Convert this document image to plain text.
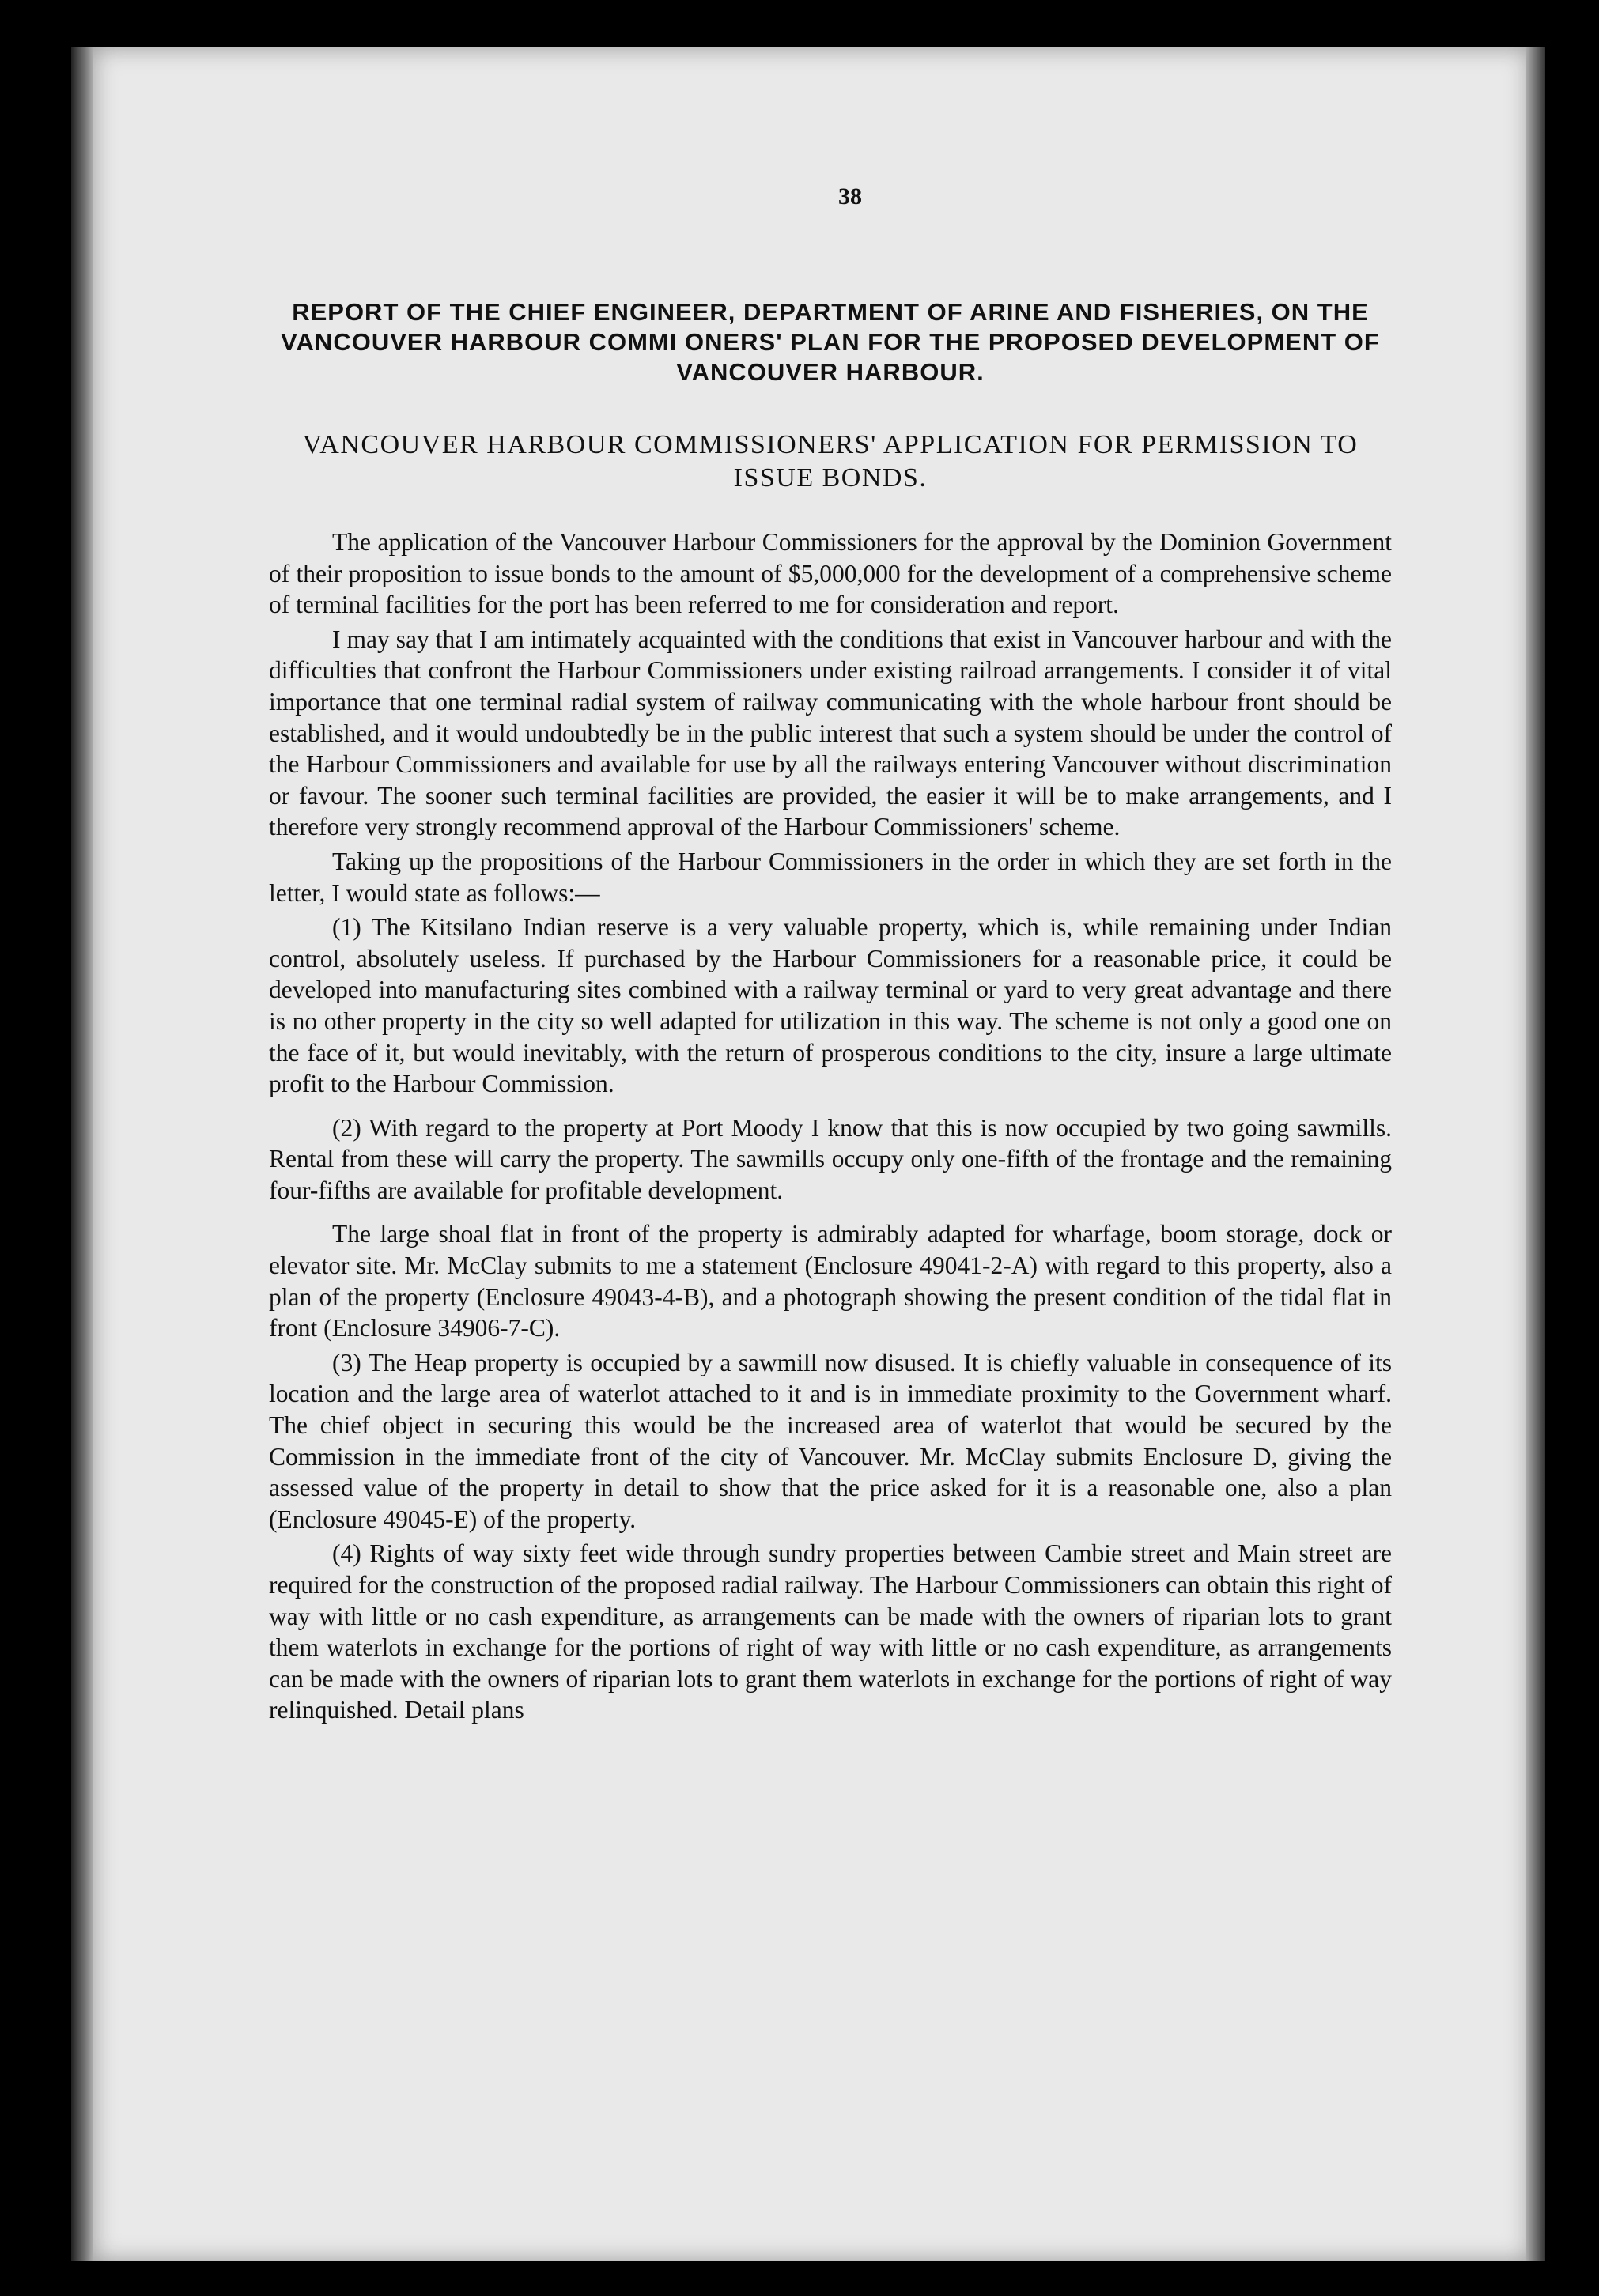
38
REPORT OF THE CHIEF ENGINEER, DEPARTMENT OF ARINE AND FISHERIES, ON THE VANCOUVER HARBOUR COMMI ONERS' PLAN FOR THE PROPOSED DEVELOPMENT OF VANCOUVER HARBOUR.
VANCOUVER HARBOUR COMMISSIONERS' APPLICATION FOR PERMISSION TO ISSUE BONDS.

The application of the Vancouver Harbour Commissioners for the approval by the Dominion Government of their proposition to issue bonds to the amount of $5,000,000 for the development of a comprehensive scheme of terminal facilities for the port has been referred to me for consideration and report.

I may say that I am intimately acquainted with the conditions that exist in Vancouver harbour and with the difficulties that confront the Harbour Commissioners under existing railroad arrangements. I consider it of vital importance that one terminal radial system of railway communicating with the whole harbour front should be established, and it would undoubtedly be in the public interest that such a system should be under the control of the Harbour Commissioners and available for use by all the railways entering Vancouver without discrimination or favour. The sooner such terminal facilities are provided, the easier it will be to make arrangements, and I therefore very strongly recommend approval of the Harbour Commissioners' scheme.

Taking up the propositions of the Harbour Commissioners in the order in which they are set forth in the letter, I would state as follows:—

(1) The Kitsilano Indian reserve is a very valuable property, which is, while remaining under Indian control, absolutely useless. If purchased by the Harbour Commissioners for a reasonable price, it could be developed into manufacturing sites combined with a railway terminal or yard to very great advantage and there is no other property in the city so well adapted for utilization in this way. The scheme is not only a good one on the face of it, but would inevitably, with the return of prosperous conditions to the city, insure a large ultimate profit to the Harbour Commission.

(2) With regard to the property at Port Moody I know that this is now occupied by two going sawmills. Rental from these will carry the property. The sawmills occupy only one-fifth of the frontage and the remaining four-fifths are available for profitable development.

The large shoal flat in front of the property is admirably adapted for wharfage, boom storage, dock or elevator site. Mr. McClay submits to me a statement (Enclosure 49041-2-A) with regard to this property, also a plan of the property (Enclosure 49043-4-B), and a photograph showing the present condition of the tidal flat in front (Enclosure 34906-7-C).

(3) The Heap property is occupied by a sawmill now disused. It is chiefly valuable in consequence of its location and the large area of waterlot attached to it and is in immediate proximity to the Government wharf. The chief object in securing this would be the increased area of waterlot that would be secured by the Commission in the immediate front of the city of Vancouver. Mr. McClay submits Enclosure D, giving the assessed value of the property in detail to show that the price asked for it is a reasonable one, also a plan (Enclosure 49045-E) of the property.

(4) Rights of way sixty feet wide through sundry properties between Cambie street and Main street are required for the construction of the proposed radial railway. The Harbour Commissioners can obtain this right of way with little or no cash expenditure, as arrangements can be made with the owners of riparian lots to grant them waterlots in exchange for the portions of right of way with little or no cash expenditure, as arrangements can be made with the owners of riparian lots to grant them waterlots in exchange for the portions of right of way relinquished. Detail plans
